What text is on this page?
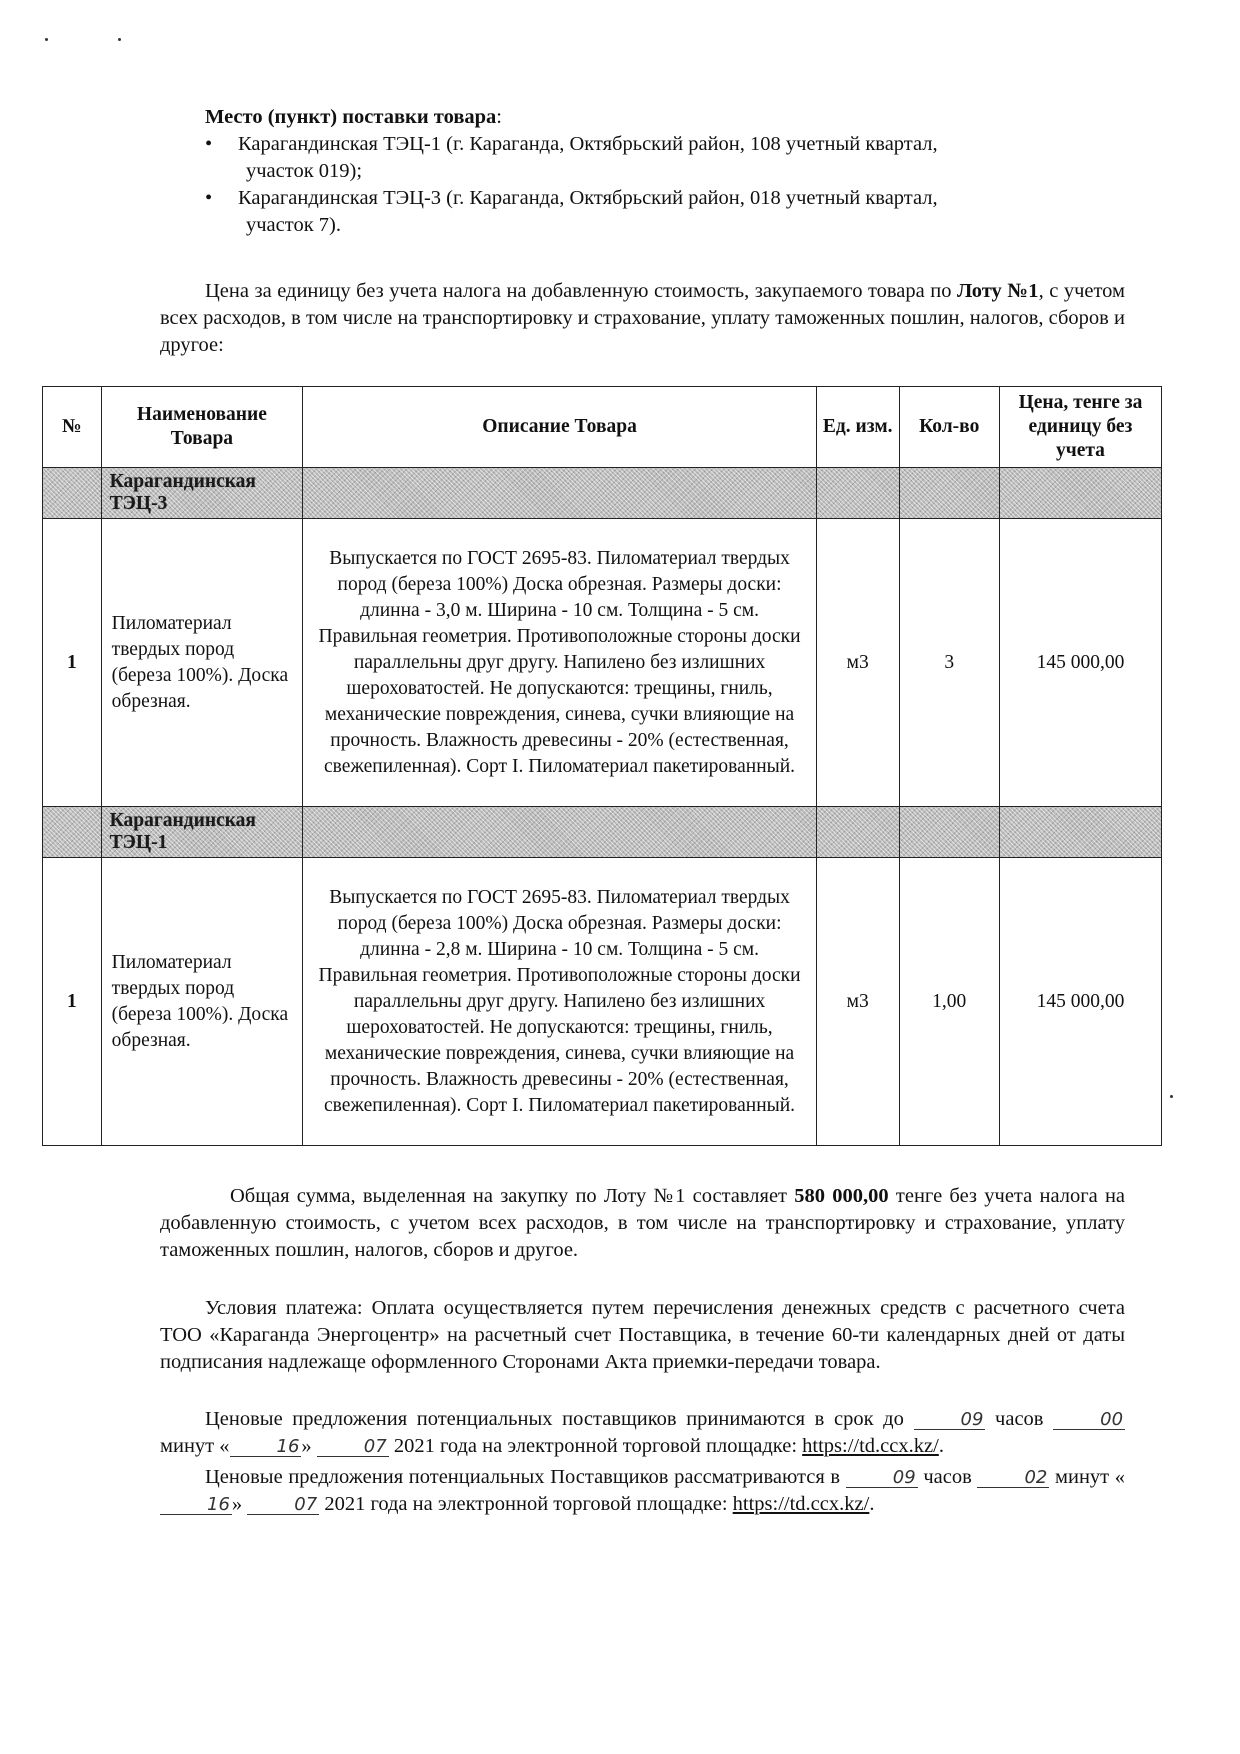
Место (пункт) поставки товара:
• Карагандинская ТЭЦ-1 (г. Караганда, Октябрьский район, 108 учетный квартал,
участок 019);
• Карагандинская ТЭЦ-3 (г. Караганда, Октябрьский район, 018 учетный квартал,
участок 7).
Цена за единицу без учета налога на добавленную стоимость, закупаемого товара по Лоту №1, с учетом всех расходов, в том числе на транспортировку и страхование, уплату таможенных пошлин, налогов, сборов и другое:
№	Наименование Товара	Описание Товара	Ед. изм.	Кол-во	Цена, тенге за единицу без учета
	Карагандинская ТЭЦ-3				
1	Пиломатериал твердых пород (береза 100%). Доска обрезная.	Выпускается по ГОСТ 2695-83. Пиломатериал твердых пород (береза 100%) Доска обрезная. Размеры доски: длинна - 3,0 м. Ширина - 10 см. Толщина - 5 см. Правильная геометрия. Противоположные стороны доски параллельны друг другу. Напилено без излишних шероховатостей. Не допускаются: трещины, гниль, механические повреждения, синева, сучки влияющие на прочность. Влажность древесины - 20% (естественная, свежепиленная). Сорт I. Пиломатериал пакетированный.	м3	3	145 000,00
	Карагандинская ТЭЦ-1				
1	Пиломатериал твердых пород (береза 100%). Доска обрезная.	Выпускается по ГОСТ 2695-83. Пиломатериал твердых пород (береза 100%) Доска обрезная. Размеры доски: длинна - 2,8 м. Ширина - 10 см. Толщина - 5 см. Правильная геометрия. Противоположные стороны доски параллельны друг другу. Напилено без излишних шероховатостей. Не допускаются: трещины, гниль, механические повреждения, синева, сучки влияющие на прочность. Влажность древесины - 20% (естественная, свежепиленная). Сорт I. Пиломатериал пакетированный.	м3	1,00	145 000,00
Общая сумма, выделенная на закупку по Лоту №1 составляет 580 000,00 тенге без учета налога на добавленную стоимость, с учетом всех расходов, в том числе на транспортировку и страхование, уплату таможенных пошлин, налогов, сборов и другое.
Условия платежа: Оплата осуществляется путем перечисления денежных средств с расчетного счета ТОО «Караганда Энергоцентр» на расчетный счет Поставщика, в течение 60-ти календарных дней от даты подписания надлежаще оформленного Сторонами Акта приемки-передачи товара.
Ценовые предложения потенциальных поставщиков принимаются в срок до	09 часов	00 минут «	16»	07 2021 года на электронной торговой площадке: https://td.ccx.kz/.
Ценовые предложения потенциальных Поставщиков рассматриваются в	09 часов	02 минут «16»	07 2021 года на электронной торговой площадке: https://td.ccx.kz/.
